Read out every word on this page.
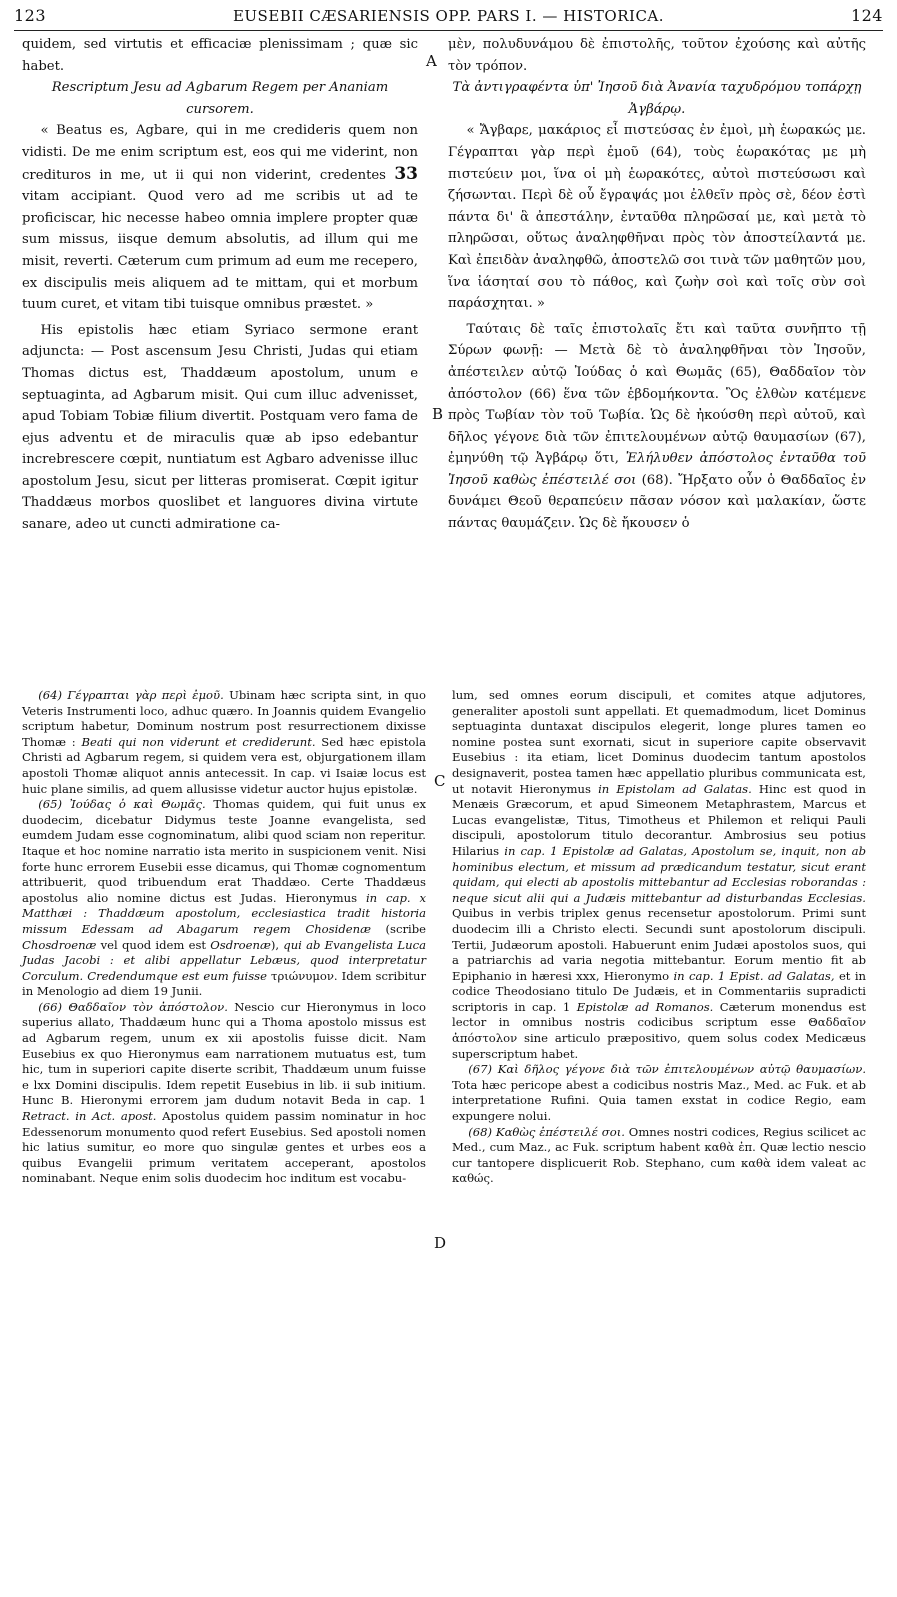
123	EUSEBII CÆSARIENSIS OPP. PARS I. — HISTORICA.	124

quidem, sed virtutis et efficaciæ plenissimam ; quæ sic habet.

Rescriptum Jesu ad Agbarum Regem per Ananiam cursorem.

« Beatus es, Agbare, qui in me credideris quem non vidisti. De me enim scriptum est, eos qui me viderint, non credituros in me, ut ii qui non viderint, credentes 33 vitam accipiant. Quod vero ad me scribis ut ad te proficiscar, hic necesse habeo omnia implere propter quæ sum missus, iisque demum absolutis, ad illum qui me misit, reverti. Cæterum cum primum ad eum me recepero, ex discipulis meis aliquem ad te mittam, qui et morbum tuum curet, et vitam tibi tuisque omnibus præstet. »

His epistolis hæc etiam Syriaco sermone erant adjuncta: — Post ascensum Jesu Christi, Judas qui etiam Thomas dictus est, Thaddæum apostolum, unum e septuaginta, ad Agbarum misit. Qui cum illuc advenisset, apud Tobiam Tobiæ filium divertit. Postquam vero fama de ejus adventu et de miraculis quæ ab ipso edebantur increbrescere cœpit, nuntiatum est Agbaro advenisse illuc apostolum Jesu, sicut per litteras promiserat. Cœpit igitur Thaddæus morbos quoslibet et languores divina virtute sanare, adeo ut cuncti admiratione ca-

A
B
C
D

μὲν, πολυδυνάμου δὲ ἐπιστολῆς, τοῦτον ἐχούσης καὶ αὐτῆς τὸν τρόπον.

Τὰ ἀντιγραφέντα ὑπ' Ἰησοῦ διὰ Ἀνανία ταχυδρόμου τοπάρχῃ Ἀγβάρῳ.

« Ἄγβαρε, μακάριος εἶ πιστεύσας ἐν ἐμοὶ, μὴ ἑωρακώς με. Γέγραπται γὰρ περὶ ἐμοῦ (64), τοὺς ἑωρακότας με μὴ πιστεύειν μοι, ἵνα οἱ μὴ ἑωρακότες, αὐτοὶ πιστεύσωσι καὶ ζήσωνται. Περὶ δὲ οὗ ἔγραψάς μοι ἐλθεῖν πρὸς σὲ, δέον ἐστὶ πάντα δι' ἃ ἀπεστάλην, ἐνταῦθα πληρῶσαί με, καὶ μετὰ τὸ πληρῶσαι, οὕτως ἀναληφθῆναι πρὸς τὸν ἀποστείλαντά με. Καὶ ἐπειδὰν ἀναληφθῶ, ἀποστελῶ σοι τινὰ τῶν μαθητῶν μου, ἵνα ἰάσηταί σου τὸ πάθος, καὶ ζωὴν σοὶ καὶ τοῖς σὺν σοὶ παράσχηται. »

Ταύταις δὲ ταῖς ἐπιστολαῖς ἔτι καὶ ταῦτα συνῆπτο τῇ Σύρων φωνῇ: — Μετὰ δὲ τὸ ἀναληφθῆναι τὸν Ἰησοῦν, ἀπέστειλεν αὐτῷ Ἰούδας ὁ καὶ Θωμᾶς (65), Θαδδαῖον τὸν ἀπόστολον (66) ἕνα τῶν ἑβδομήκοντα. Ὃς ἐλθὼν κατέμενε πρὸς Τωβίαν τὸν τοῦ Τωβία. Ὡς δὲ ἠκούσθη περὶ αὐτοῦ, καὶ δῆλος γέγονε διὰ τῶν ἐπιτελουμένων αὐτῷ θαυμασίων (67), ἐμηνύθη τῷ Ἀγβάρῳ ὅτι, Ἐλήλυθεν ἀπόστολος ἐνταῦθα τοῦ Ἰησοῦ καθὼς ἐπέστειλέ σοι (68). Ἤρξατο οὖν ὁ Θαδδαῖος ἐν δυνάμει Θεοῦ θεραπεύειν πᾶσαν νόσον καὶ μαλακίαν, ὥστε πάντας θαυμάζειν. Ὡς δὲ ἤκουσεν ὁ

(64) Γέγραπται γὰρ περὶ ἐμοῦ. Ubinam hæc scripta sint, in quo Veteris Instrumenti loco, adhuc quæro. In Joannis quidem Evangelio scriptum habetur, Dominum nostrum post resurrectionem dixisse Thomæ : Beati qui non viderunt et crediderunt. Sed hæc epistola Christi ad Agbarum regem, si quidem vera est, objurgationem illam apostoli Thomæ aliquot annis antecessit. In cap. vi Isaiæ locus est huic plane similis, ad quem allusisse videtur auctor hujus epistolæ.

(65) Ἰούδας ὁ καὶ Θωμᾶς. Thomas quidem, qui fuit unus ex duodecim, dicebatur Didymus teste Joanne evangelista, sed eumdem Judam esse cognominatum, alibi quod sciam non reperitur. Itaque et hoc nomine narratio ista merito in suspicionem venit. Nisi forte hunc errorem Eusebii esse dicamus, qui Thomæ cognomentum attribuerit, quod tribuendum erat Thaddæo. Certe Thaddæus apostolus alio nomine dictus est Judas. Hieronymus in cap. x Matthæi : Thaddæum apostolum, ecclesiastica tradit historia missum Edessam ad Abagarum regem Chosidenæ (scribe Chosdroenæ vel quod idem est Osdroenæ), qui ab Evangelista Luca Judas Jacobi : et alibi appellatur Lebæus, quod interpretatur Corculum. Credendumque est eum fuisse τριώνυμον. Idem scribitur in Menologio ad diem 19 Junii.

(66) Θαδδαῖον τὸν ἀπόστολον. Nescio cur Hieronymus in loco superius allato, Thaddæum hunc qui a Thoma apostolo missus est ad Agbarum regem, unum ex xii apostolis fuisse dicit. Nam Eusebius ex quo Hieronymus eam narrationem mutuatus est, tum hic, tum in superiori capite diserte scribit, Thaddæum unum fuisse e lxx Domini discipulis. Idem repetit Eusebius in lib. ii sub initium. Hunc B. Hieronymi errorem jam dudum notavit Beda in cap. 1 Retract. in Act. apost. Apostolus quidem passim nominatur in hoc Edessenorum monumento quod refert Eusebius. Sed apostoli nomen hic latius sumitur, eo more quo singulæ gentes et urbes eos a quibus Evangelii primum veritatem acceperant, apostolos nominabant. Neque enim solis duodecim hoc inditum est vocabu-

lum, sed omnes eorum discipuli, et comites atque adjutores, generaliter apostoli sunt appellati. Et quemadmodum, licet Dominus septuaginta duntaxat discipulos elegerit, longe plures tamen eo nomine postea sunt exornati, sicut in superiore capite observavit Eusebius : ita etiam, licet Dominus duodecim tantum apostolos designaverit, postea tamen hæc appellatio pluribus communicata est, ut notavit Hieronymus in Epistolam ad Galatas. Hinc est quod in Menæis Græcorum, et apud Simeonem Metaphrastem, Marcus et Lucas evangelistæ, Titus, Timotheus et Philemon et reliqui Pauli discipuli, apostolorum titulo decorantur. Ambrosius seu potius Hilarius in cap. 1 Epistolæ ad Galatas, Apostolum se, inquit, non ab hominibus electum, et missum ad prædicandum testatur, sicut erant quidam, qui electi ab apostolis mittebantur ad Ecclesias roborandas : neque sicut alii qui a Judæis mittebantur ad disturbandas Ecclesias. Quibus in verbis triplex genus recensetur apostolorum. Primi sunt duodecim illi a Christo electi. Secundi sunt apostolorum discipuli. Tertii, Judæorum apostoli. Habuerunt enim Judæi apostolos suos, qui a patriarchis ad varia negotia mittebantur. Eorum mentio fit ab Epiphanio in hæresi xxx, Hieronymo in cap. 1 Epist. ad Galatas, et in codice Theodosiano titulo De Judæis, et in Commentariis supradicti scriptoris in cap. 1 Epistolæ ad Romanos. Cæterum monendus est lector in omnibus nostris codicibus scriptum esse Θαδδαῖον ἀπόστολον sine articulo præpositivo, quem solus codex Medicæus superscriptum habet.

(67) Καὶ δῆλος γέγονε διὰ τῶν ἐπιτελουμένων αὐτῷ θαυμασίων. Tota hæc pericope abest a codicibus nostris Maz., Med. ac Fuk. et ab interpretatione Rufini. Quia tamen exstat in codice Regio, eam expungere nolui.

(68) Καθὼς ἐπέστειλέ σοι. Omnes nostri codices, Regius scilicet ac Med., cum Maz., ac Fuk. scriptum habent καθὰ ἐπ. Quæ lectio nescio cur tantopere displicuerit Rob. Stephano, cum καθὰ idem valeat ac καθώς.
